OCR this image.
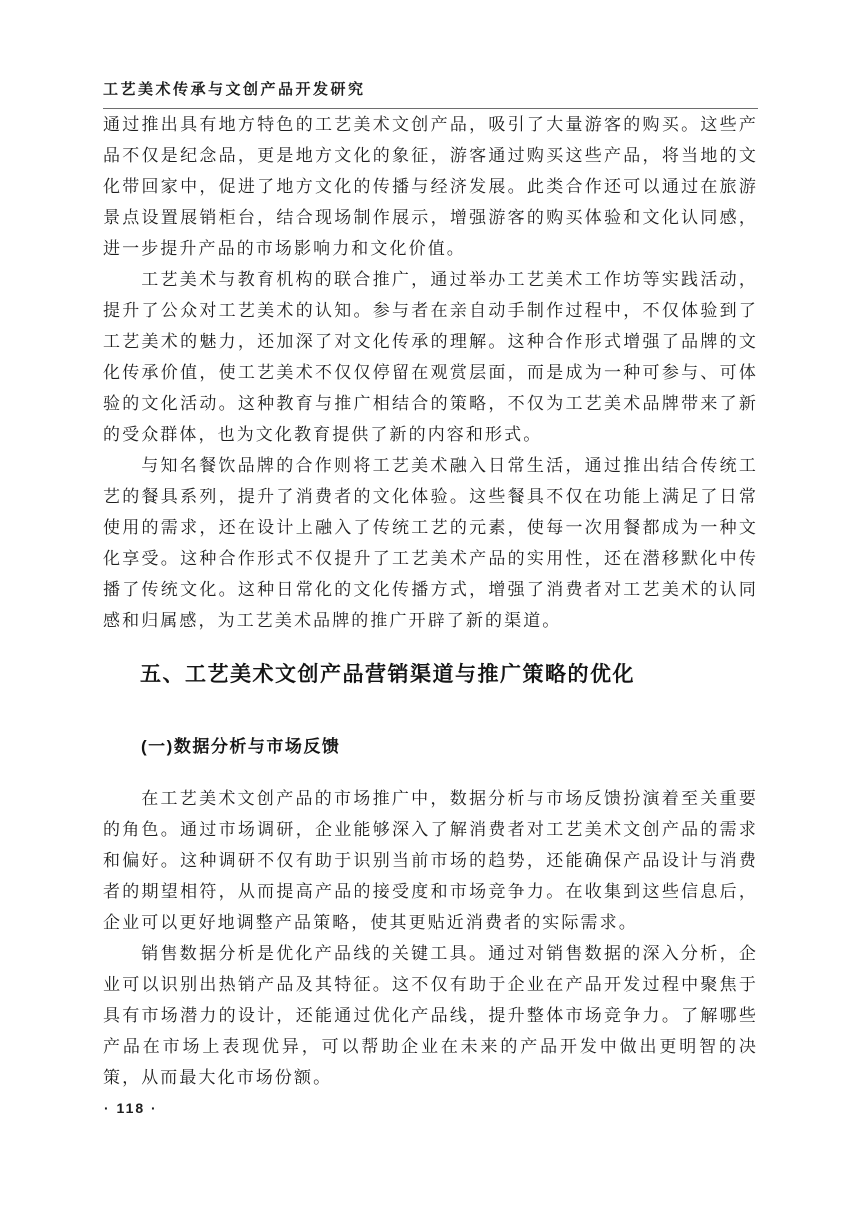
工艺美术传承与文创产品开发研究

通过推出具有地方特色的工艺美术文创产品，吸引了大量游客的购买。这些产品不仅是纪念品，更是地方文化的象征，游客通过购买这些产品，将当地的文化带回家中，促进了地方文化的传播与经济发展。此类合作还可以通过在旅游景点设置展销柜台，结合现场制作展示，增强游客的购买体验和文化认同感，进一步提升产品的市场影响力和文化价值。

工艺美术与教育机构的联合推广，通过举办工艺美术工作坊等实践活动，提升了公众对工艺美术的认知。参与者在亲自动手制作过程中，不仅体验到了工艺美术的魅力，还加深了对文化传承的理解。这种合作形式增强了品牌的文化传承价值，使工艺美术不仅仅停留在观赏层面，而是成为一种可参与、可体验的文化活动。这种教育与推广相结合的策略，不仅为工艺美术品牌带来了新的受众群体，也为文化教育提供了新的内容和形式。

与知名餐饮品牌的合作则将工艺美术融入日常生活，通过推出结合传统工艺的餐具系列，提升了消费者的文化体验。这些餐具不仅在功能上满足了日常使用的需求，还在设计上融入了传统工艺的元素，使每一次用餐都成为一种文化享受。这种合作形式不仅提升了工艺美术产品的实用性，还在潜移默化中传播了传统文化。这种日常化的文化传播方式，增强了消费者对工艺美术的认同感和归属感，为工艺美术品牌的推广开辟了新的渠道。

五、工艺美术文创产品营销渠道与推广策略的优化
(一)数据分析与市场反馈

在工艺美术文创产品的市场推广中，数据分析与市场反馈扮演着至关重要的角色。通过市场调研，企业能够深入了解消费者对工艺美术文创产品的需求和偏好。这种调研不仅有助于识别当前市场的趋势，还能确保产品设计与消费者的期望相符，从而提高产品的接受度和市场竞争力。在收集到这些信息后，企业可以更好地调整产品策略，使其更贴近消费者的实际需求。

销售数据分析是优化产品线的关键工具。通过对销售数据的深入分析，企业可以识别出热销产品及其特征。这不仅有助于企业在产品开发过程中聚焦于具有市场潜力的设计，还能通过优化产品线，提升整体市场竞争力。了解哪些产品在市场上表现优异，可以帮助企业在未来的产品开发中做出更明智的决策，从而最大化市场份额。

· 118 ·
